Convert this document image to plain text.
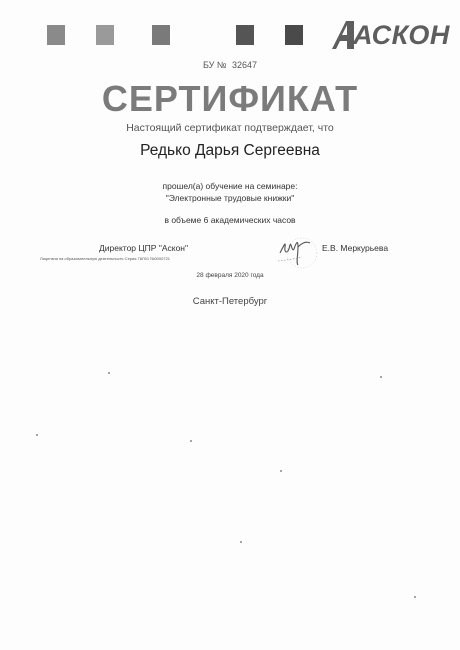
АСКОН
БУ № 32647
СЕРТИФИКАТ
Настоящий сертификат подтверждает, что
Редько Дарья Сергеевна
прошел(а) обучение на семинаре:
"Электронные трудовые книжки"
в объеме 6 академических часов
Директор ЦПР "Аскон"
Лицензия на образовательную деятельность Серия 78Л01 №0000721
Е.В. Меркурьева
28 февраля 2020 года
Санкт-Петербург
